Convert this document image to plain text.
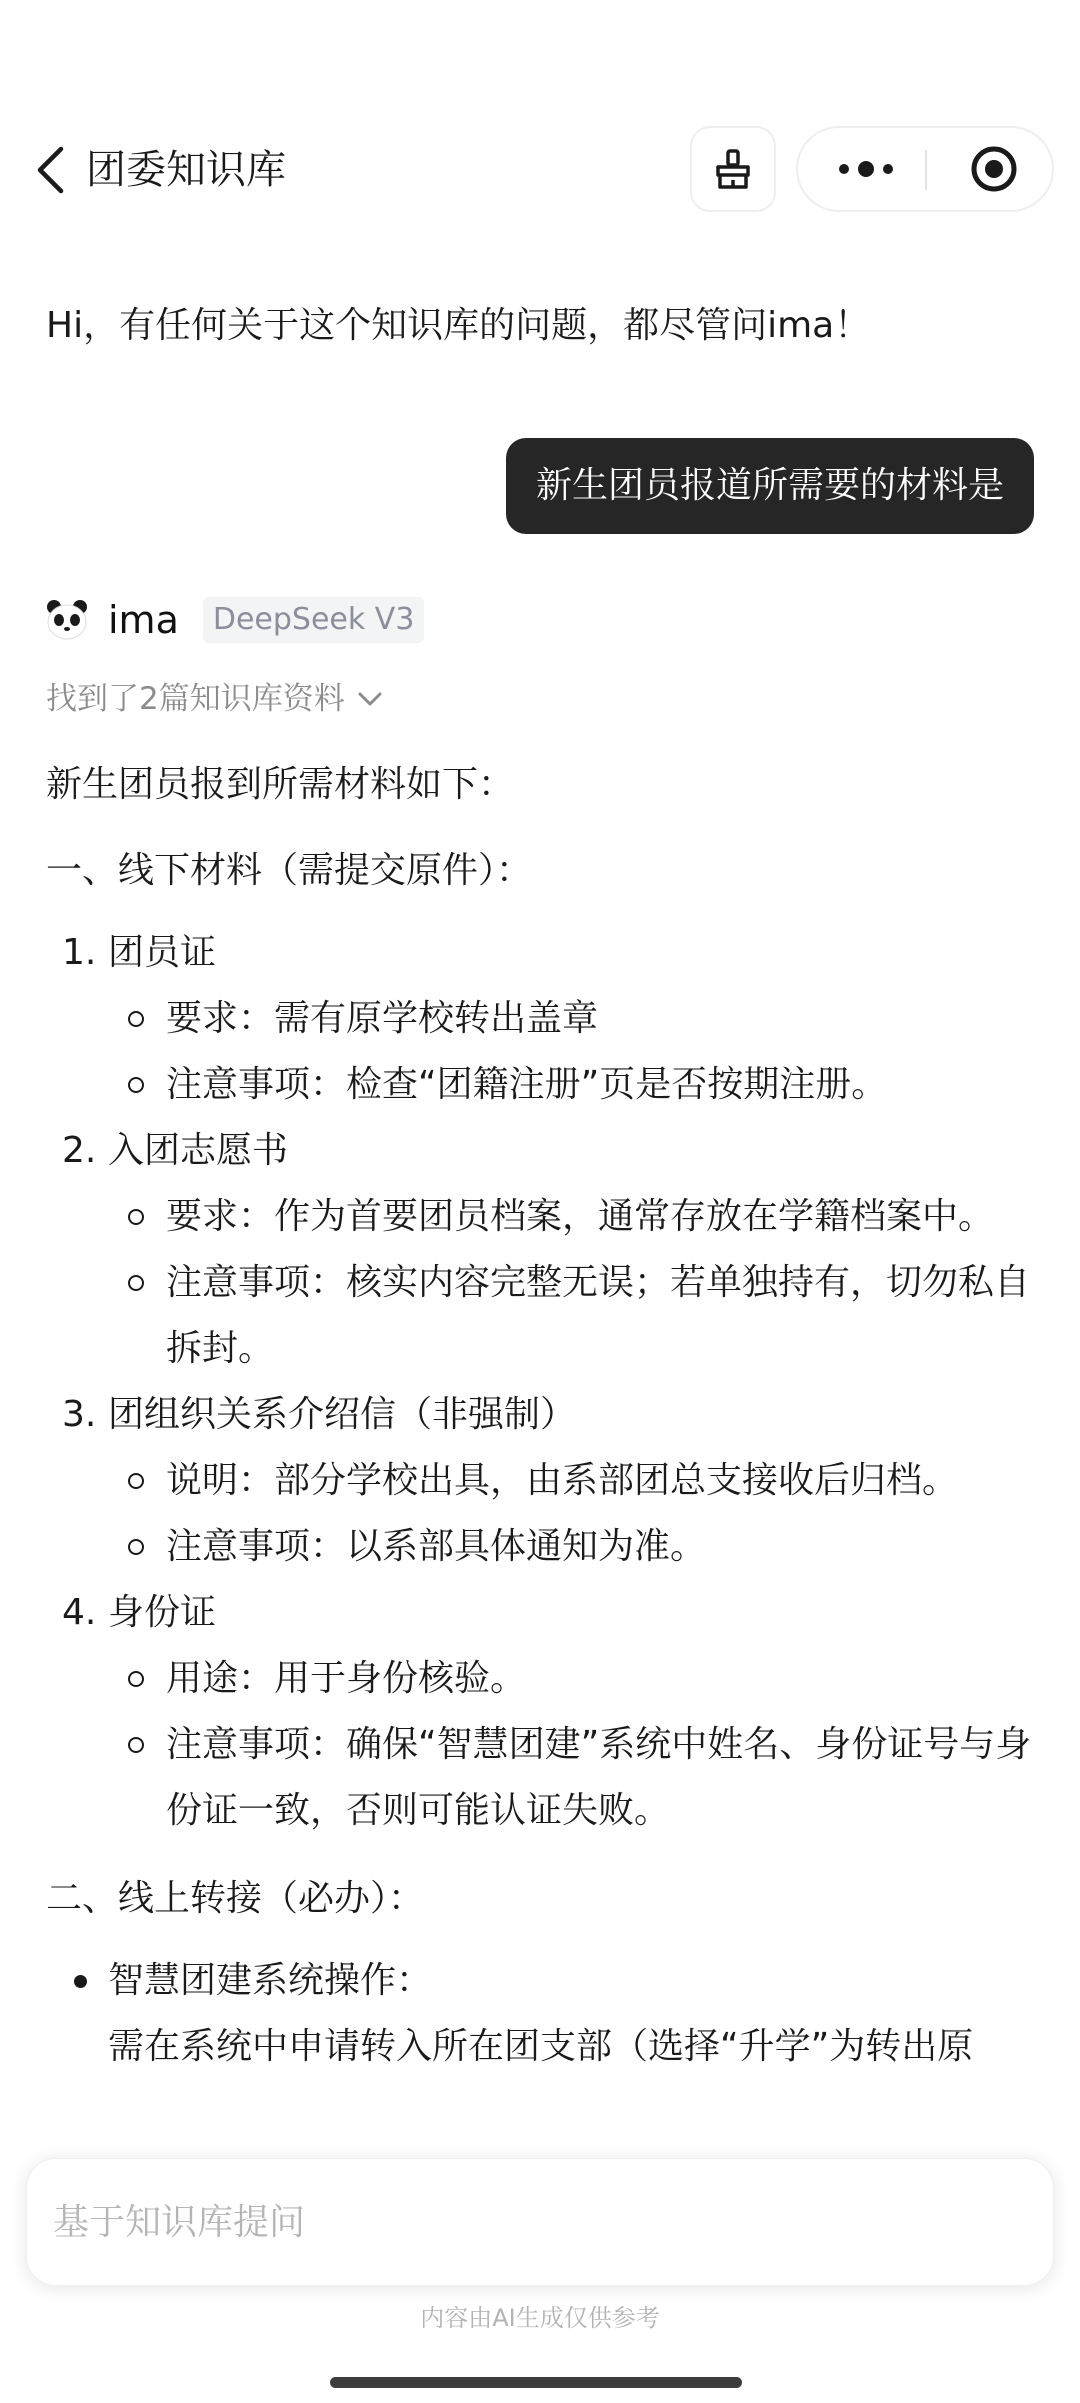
团委知识库
Hi，有任何关于这个知识库的问题，都尽管问ima！
新生团员报道所需要的材料是
ima	DeepSeek V3
找到了2篇知识库资料

新生团员报到所需材料如下：

一、线下材料（需提交原件）：

1. 团员证
要求：需有原学校转出盖章
注意事项：检查“团籍注册”页是否按期注册。
2. 入团志愿书
要求：作为首要团员档案，通常存放在学籍档案中。
注意事项：核实内容完整无误；若单独持有，切勿私自拆封。
3. 团组织关系介绍信（非强制）
说明：部分学校出具，由系部团总支接收后归档。
注意事项：以系部具体通知为准。
4. 身份证
用途：用于身份核验。
注意事项：确保“智慧团建”系统中姓名、身份证号与身份证一致，否则可能认证失败。

二、线上转接（必办）：

智慧团建系统操作：
需在系统中申请转入所在团支部（选择“升学”为转出原
基于知识库提问
内容由AI生成仅供参考
